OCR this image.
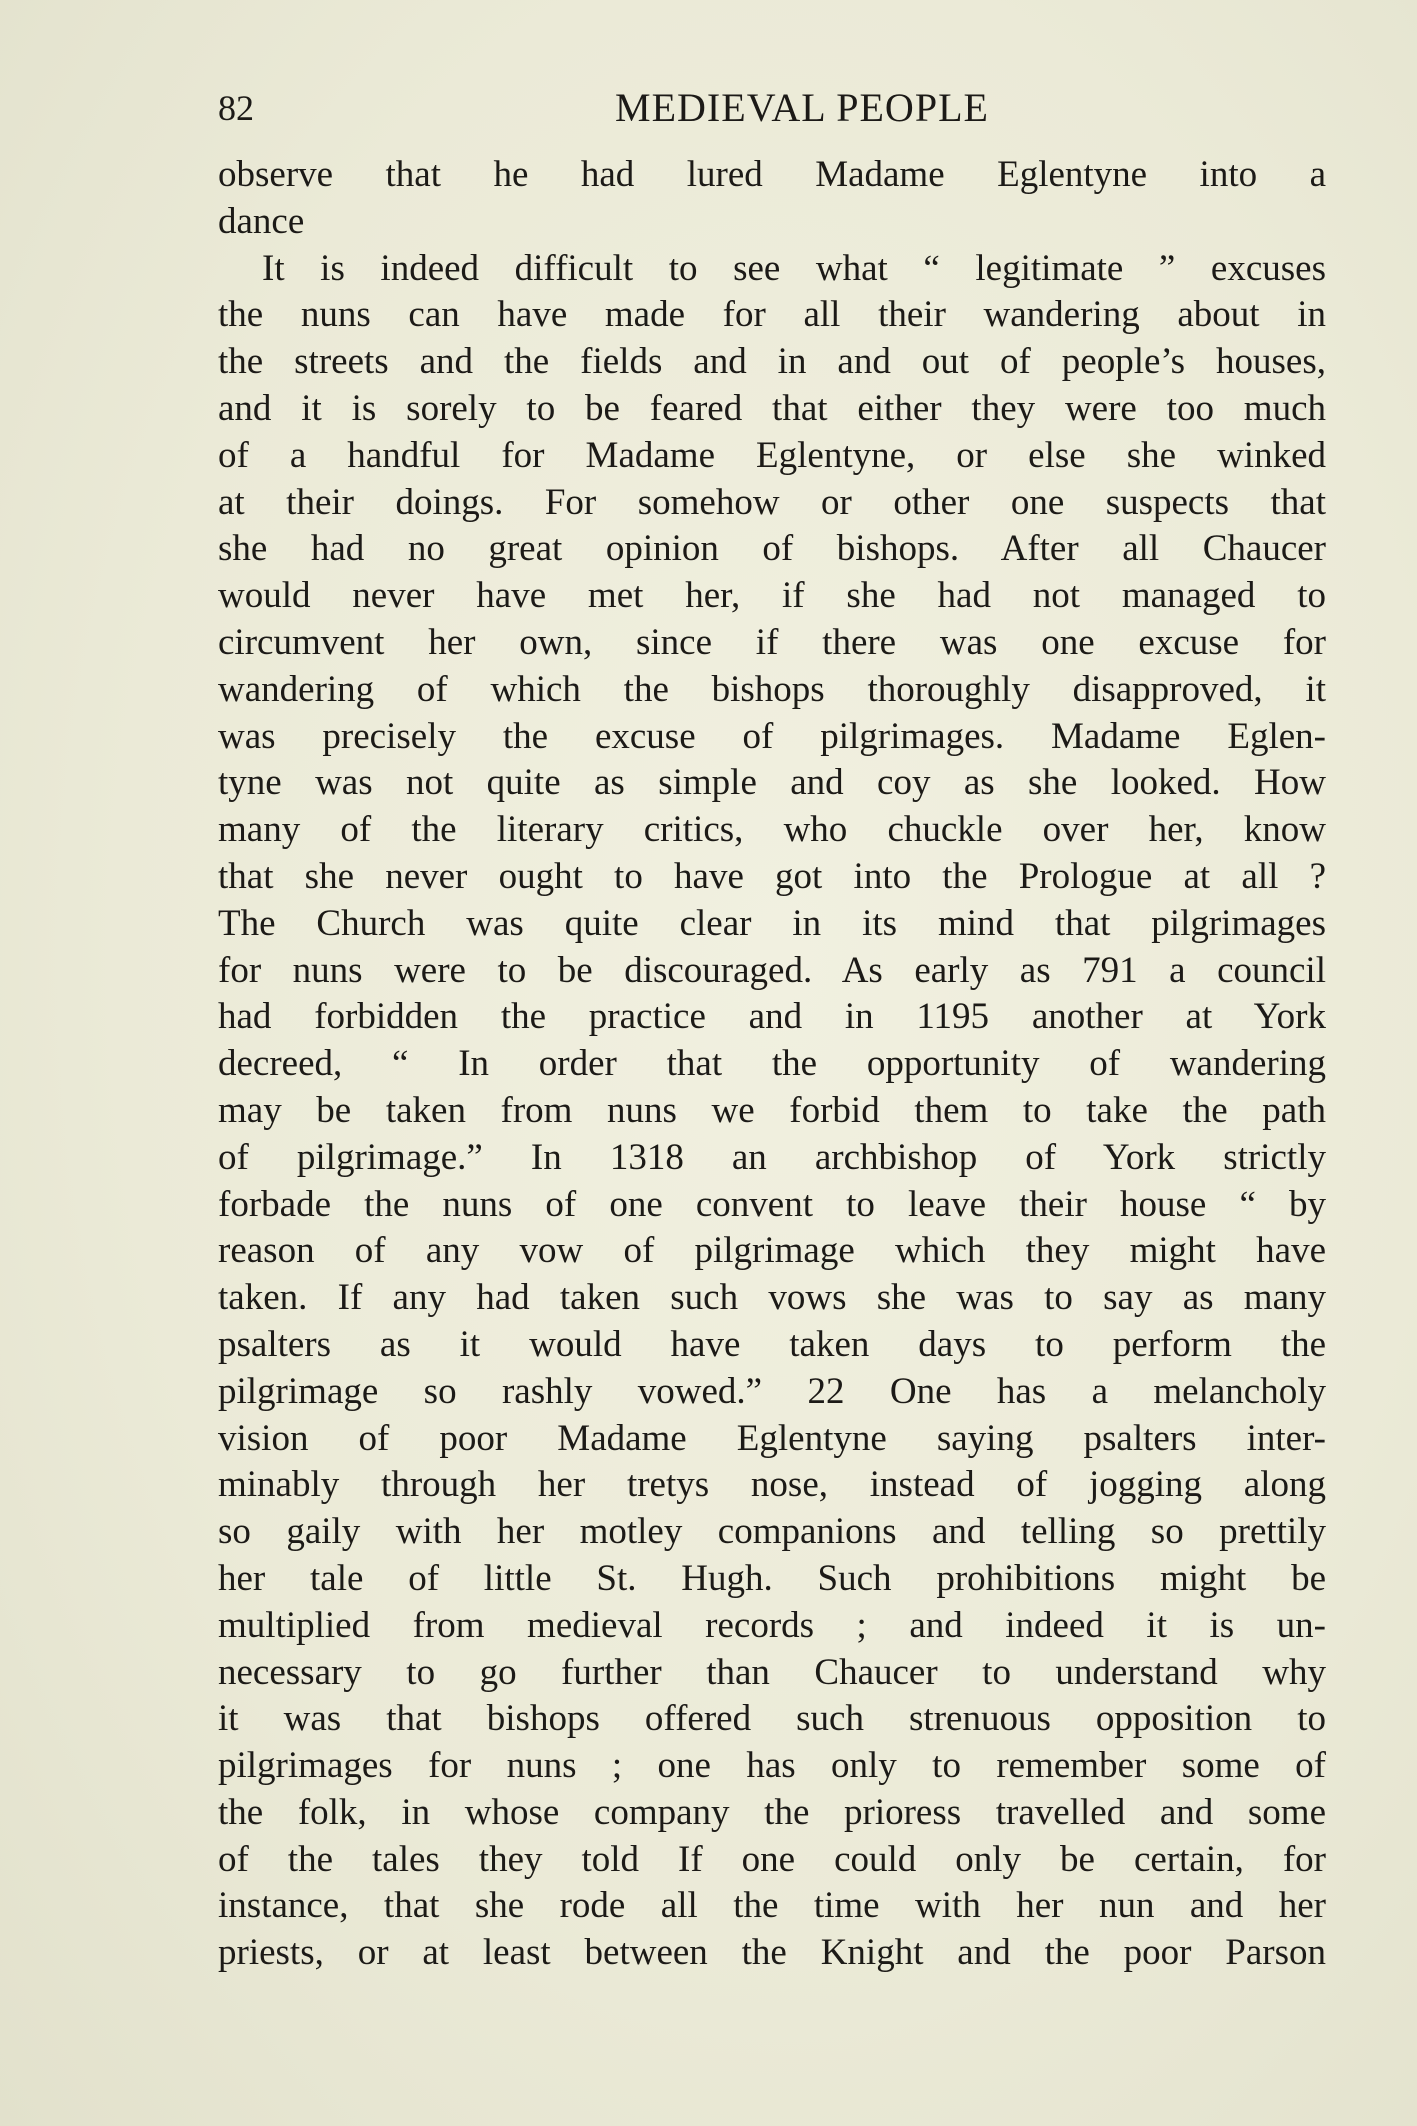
82	MEDIEVAL PEOPLE
observe that he had lured Madame Eglentyne into a
dance
It is indeed difficult to see what “ legitimate ” excuses
the nuns can have made for all their wandering about in
the streets and the fields and in and out of people’s houses,
and it is sorely to be feared that either they were too much
of a handful for Madame Eglentyne, or else she winked
at their doings. For somehow or other one suspects that
she had no great opinion of bishops. After all Chaucer
would never have met her, if she had not managed to
circumvent her own, since if there was one excuse for
wandering of which the bishops thoroughly disapproved, it
was precisely the excuse of pilgrimages. Madame Eglen-
tyne was not quite as simple and coy as she looked. How
many of the literary critics, who chuckle over her, know
that she never ought to have got into the Prologue at all ?
The Church was quite clear in its mind that pilgrimages
for nuns were to be discouraged. As early as 791 a council
had forbidden the practice and in 1195 another at York
decreed, “ In order that the opportunity of wandering
may be taken from nuns we forbid them to take the path
of pilgrimage.” In 1318 an archbishop of York strictly
forbade the nuns of one convent to leave their house “ by
reason of any vow of pilgrimage which they might have
taken. If any had taken such vows she was to say as many
psalters as it would have taken days to perform the
pilgrimage so rashly vowed.” 22 One has a melancholy
vision of poor Madame Eglentyne saying psalters inter-
minably through her tretys nose, instead of jogging along
so gaily with her motley companions and telling so prettily
her tale of little St. Hugh. Such prohibitions might be
multiplied from medieval records ; and indeed it is un-
necessary to go further than Chaucer to understand why
it was that bishops offered such strenuous opposition to
pilgrimages for nuns ; one has only to remember some of
the folk, in whose company the prioress travelled and some
of the tales they told If one could only be certain, for
instance, that she rode all the time with her nun and her
priests, or at least between the Knight and the poor Parson
